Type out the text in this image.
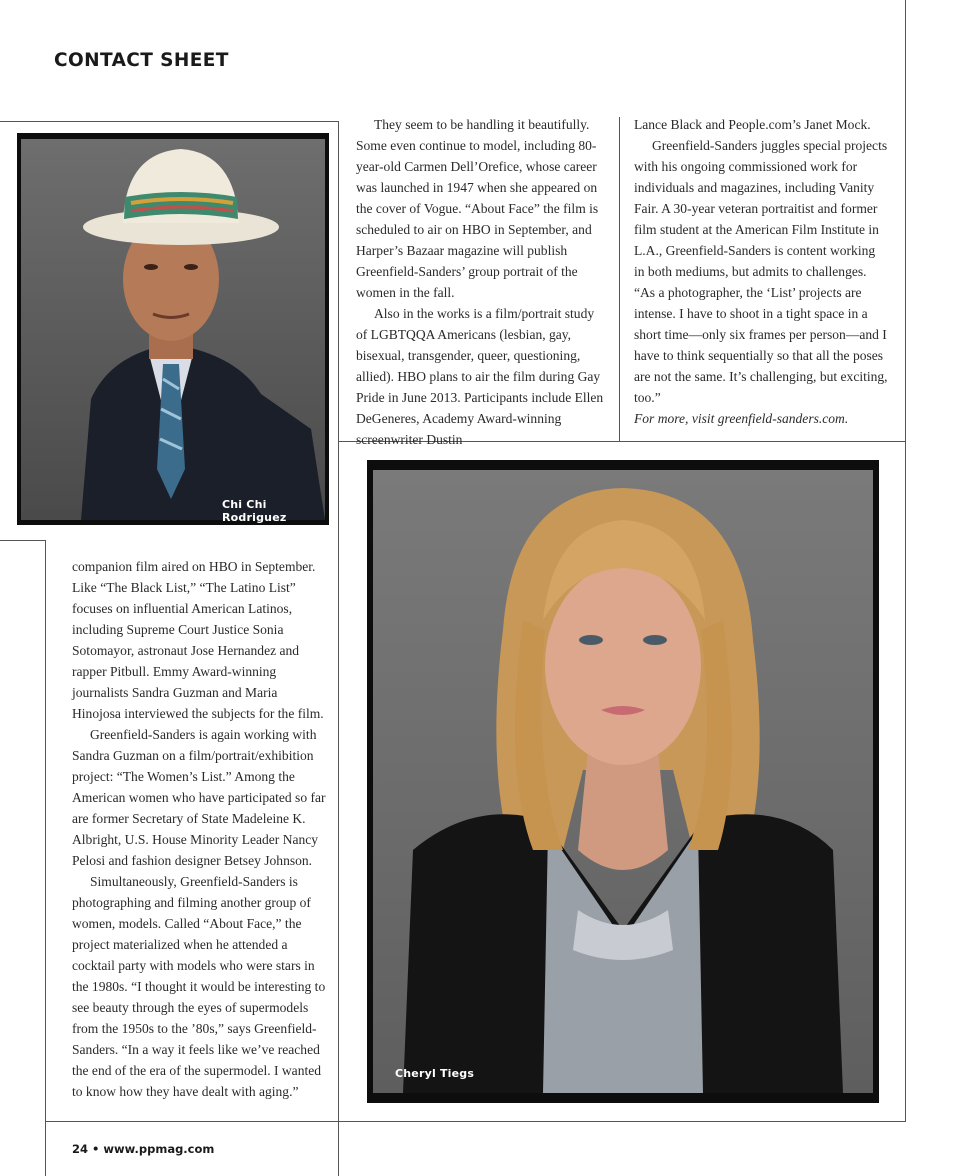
CONTACT SHEET
Chi Chi Rodriguez
Cheryl Tiegs

They seem to be handling it beautifully. Some even continue to model, including 80-year-old Carmen Dell’Orefice, whose career was launched in 1947 when she appeared on the cover of Vogue. “About Face” the film is scheduled to air on HBO in September, and Harper’s Bazaar magazine will publish Greenfield-Sanders’ group portrait of the women in the fall.

Also in the works is a film/portrait study of LGBTQQA Americans (lesbian, gay, bisexual, transgender, queer, questioning, allied). HBO plans to air the film during Gay Pride in June 2013. Participants include Ellen DeGeneres, Academy Award-winning screenwriter Dustin

Lance Black and People.com’s Janet Mock.

Greenfield-Sanders juggles special projects with his ongoing commissioned work for individuals and magazines, including Vanity Fair. A 30-year veteran portraitist and former film student at the American Film Institute in L.A., Greenfield-Sanders is content working in both mediums, but admits to challenges. “As a photographer, the ‘List’ projects are intense. I have to shoot in a tight space in a short time—only six frames per person—and I have to think sequentially so that all the poses are not the same. It’s challenging, but exciting, too.”

For more, visit greenfield-sanders.com.

companion film aired on HBO in September. Like “The Black List,” “The Latino List” focuses on influential American Latinos, including Supreme Court Justice Sonia Sotomayor, astronaut Jose Hernandez and rapper Pitbull. Emmy Award-winning journalists Sandra Guzman and Maria Hinojosa interviewed the subjects for the film.

Greenfield-Sanders is again working with Sandra Guzman on a film/portrait/exhibition project: “The Women’s List.” Among the American women who have participated so far are former Secretary of State Madeleine K. Albright, U.S. House Minority Leader Nancy Pelosi and fashion designer Betsey Johnson.

Simultaneously, Greenfield-Sanders is photographing and filming another group of women, models. Called “About Face,” the project materialized when he attended a cocktail party with models who were stars in the 1980s. “I thought it would be interesting to see beauty through the eyes of supermodels from the 1950s to the ’80s,” says Greenfield-Sanders. “In a way it feels like we’ve reached the end of the era of the supermodel. I wanted to know how they have dealt with aging.”

24 • www.ppmag.com
